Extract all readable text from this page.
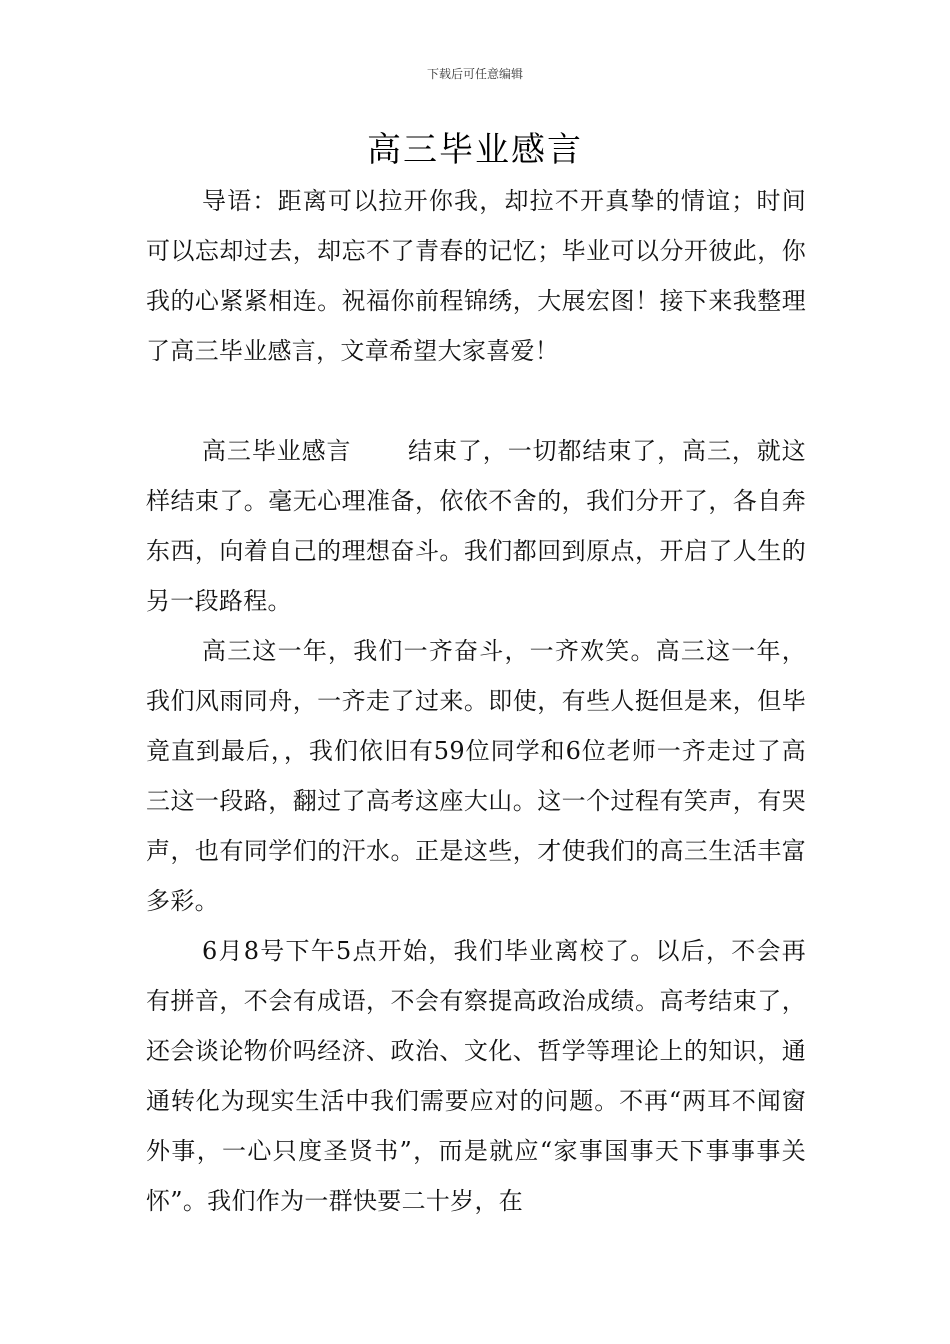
下载后可任意编辑
高三毕业感言

导语：距离可以拉开你我，却拉不开真挚的情谊；时间可以忘却过去，却忘不了青春的记忆；毕业可以分开彼此，你我的心紧紧相连。祝福你前程锦绣，大展宏图！接下来我整理了高三毕业感言，文章希望大家喜爱！

高三毕业感言 结束了，一切都结束了，高三，就这样结束了。毫无心理准备，依依不舍的，我们分开了，各自奔东西，向着自己的理想奋斗。我们都回到原点，开启了人生的另一段路程。

高三这一年，我们一齐奋斗，一齐欢笑。高三这一年，我们风雨同舟，一齐走了过来。即使，有些人挺但是来，但毕竟直到最后，，我们依旧有59位同学和6位老师一齐走过了高三这一段路，翻过了高考这座大山。这一个过程有笑声，有哭声，也有同学们的汗水。正是这些，才使我们的高三生活丰富多彩。

6月8号下午5点开始，我们毕业离校了。以后，不会再有拼音，不会有成语，不会有察提高政治成绩。高考结束了，还会谈论物价吗经济、政治、文化、哲学等理论上的知识，通通转化为现实生活中我们需要应对的问题。不再“两耳不闻窗外事，一心只度圣贤书”，而是就应“家事国事天下事事事关怀”。我们作为一群快要二十岁，在
